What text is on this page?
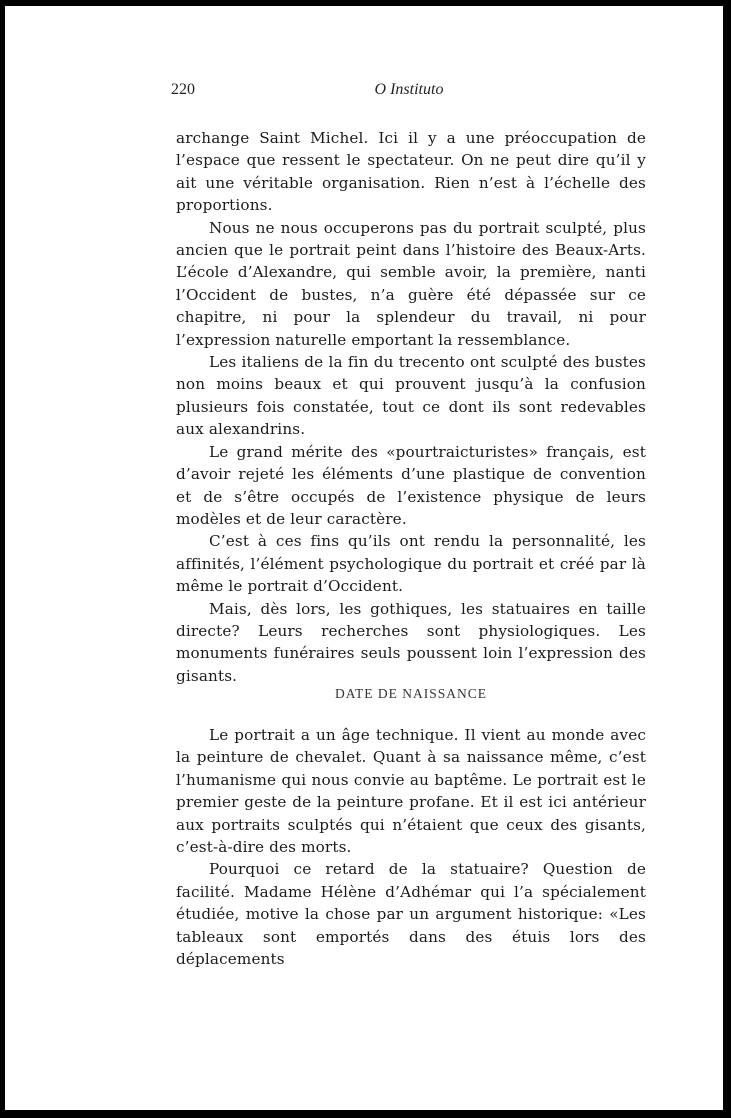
220	O Instituto

archange Saint Michel. Ici il y a une préoccupation de l’espace que ressent le spectateur. On ne peut dire qu’il y ait une véritable organisation. Rien n’est à l’échelle des proportions.

Nous ne nous occuperons pas du portrait sculpté, plus ancien que le portrait peint dans l’histoire des Beaux-Arts. L’école d’Alexandre, qui semble avoir, la première, nanti l’Occident de bustes, n’a guère été dépassée sur ce chapitre, ni pour la splendeur du travail, ni pour l’expression naturelle emportant la ressemblance.

Les italiens de la fin du trecento ont sculpté des bustes non moins beaux et qui prouvent jusqu’à la confusion plusieurs fois constatée, tout ce dont ils sont redevables aux alexandrins.

Le grand mérite des «pourtraicturistes» français, est d’avoir rejeté les éléments d’une plastique de convention et de s’être occupés de l’existence physique de leurs modèles et de leur caractère.

C’est à ces fins qu’ils ont rendu la personnalité, les affinités, l’élément psychologique du portrait et créé par là même le portrait d’Occident.

Mais, dès lors, les gothiques, les statuaires en taille directe? Leurs recherches sont physiologiques. Les monuments funéraires seuls poussent loin l’expression des gisants.

DATE DE NAISSANCE

Le portrait a un âge technique. Il vient au monde avec la peinture de chevalet. Quant à sa naissance même, c’est l’humanisme qui nous convie au baptême. Le portrait est le premier geste de la peinture profane. Et il est ici antérieur aux portraits sculptés qui n’étaient que ceux des gisants, c’est-à-dire des morts.

Pourquoi ce retard de la statuaire? Question de facilité. Madame Hélène d’Adhémar qui l’a spécialement étudiée, motive la chose par un argument historique: «Les tableaux sont emportés dans des étuis lors des déplacements
